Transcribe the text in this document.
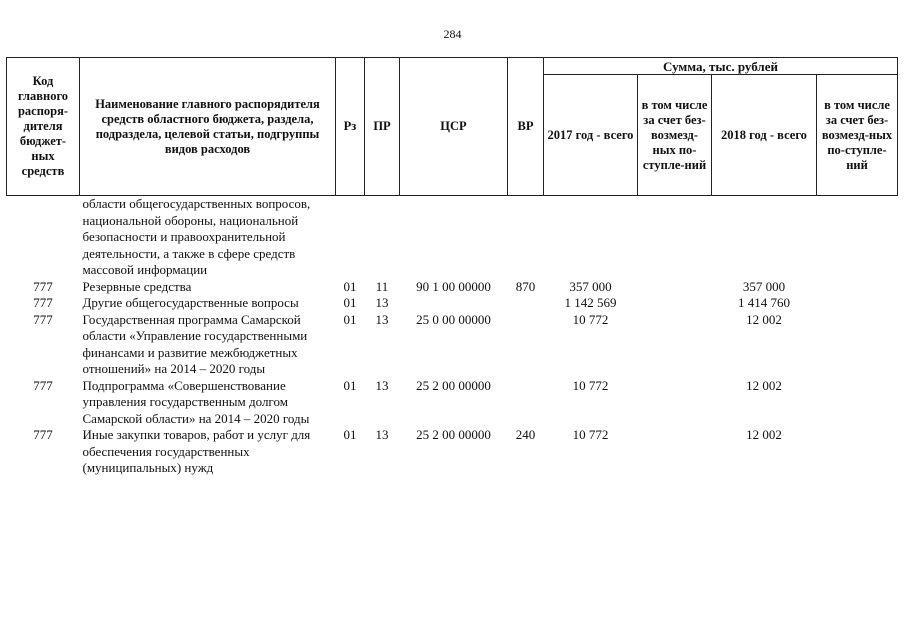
284
Код главного распоря-дителя бюджет-ных средств	Наименование главного распорядителя средств областного бюджета, раздела, подраздела, целевой статьи, подгруппы видов расходов	Рз	ПР	ЦСР	ВР	Сумма, тыс. рублей			
						2017 год - всего	в том числе за счет без-возмезд-ных по-ступле-ний	2018 год - всего	в том числе за счет без-возмезд-ных по-ступле-ний
	области общегосударственных вопросов, национальной обороны, национальной безопасности и правоохранительной деятельности, а также в сфере средств массовой информации								
777	Резервные средства	01	11	90 1 00 00000	870	357 000		357 000	
777	Другие общегосударственные вопросы	01	13			1 142 569		1 414 760	
777	Государственная программа Самарской области «Управление государственными финансами и развитие межбюджетных отношений» на 2014 – 2020 годы	01	13	25 0 00 00000		10 772		12 002	
777	Подпрограмма «Совершенствование управления государственным долгом Самарской области» на 2014 – 2020 годы	01	13	25 2 00 00000		10 772		12 002	
777	Иные закупки товаров, работ и услуг для обеспечения государственных (муниципальных) нужд	01	13	25 2 00 00000	240	10 772		12 002	
